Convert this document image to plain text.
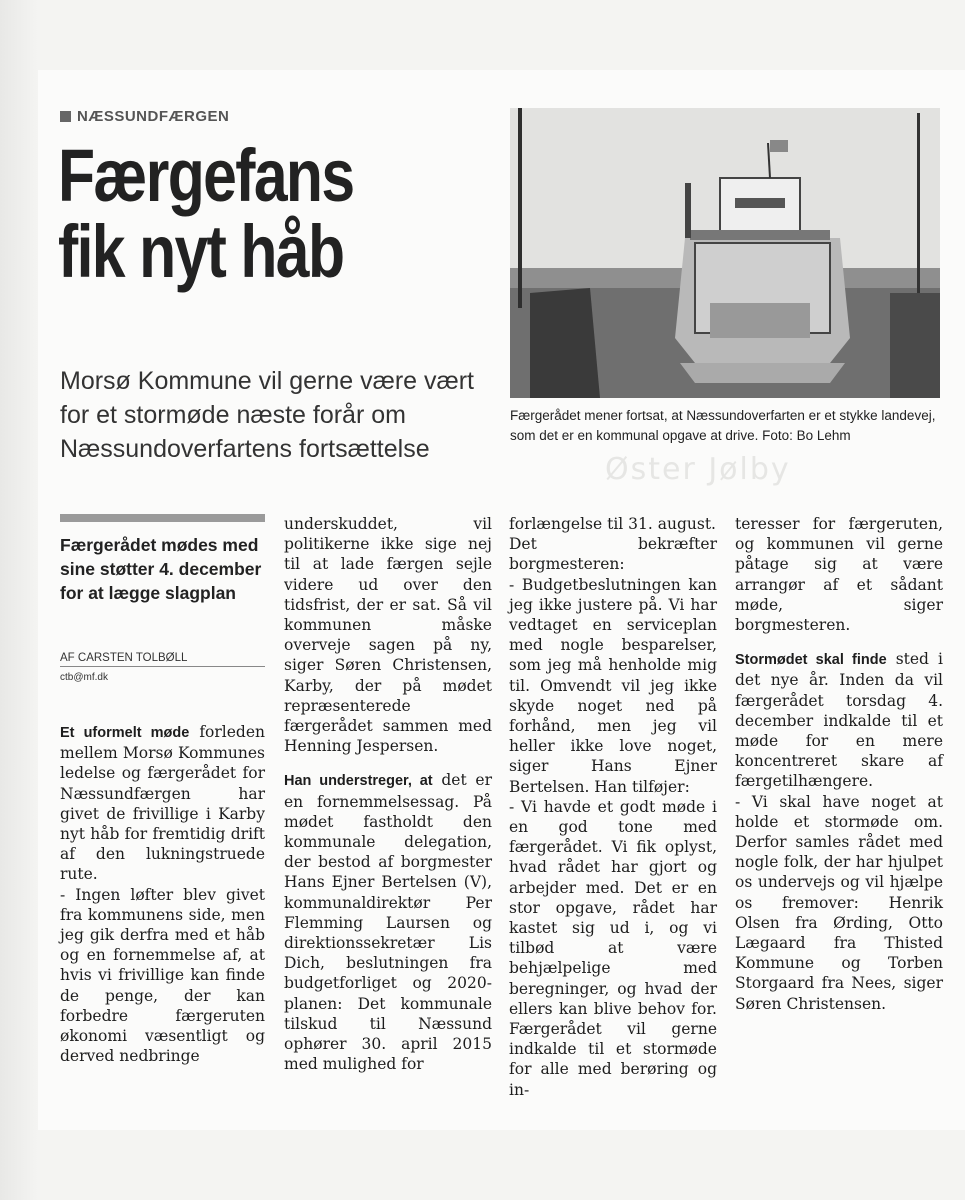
NÆSSUNDFÆRGEN
Færgefans fik nyt håb
Morsø Kommune vil gerne være vært for et stormøde næste forår om Næssundoverfartens fortsættelse
Færgerådet mener fortsat, at Næssundoverfarten er et stykke landevej, som det er en kommunal opgave at drive. Foto: Bo Lehm
Øster Jølby
Færgerådet mødes med sine støtter 4. december for at lægge slagplan
AF CARSTEN TOLBØLL
ctb@mf.dk

Et uformelt møde forleden mellem Morsø Kommunes ledelse og færgerådet for Næssundfærgen har givet de frivillige i Karby nyt håb for fremtidig drift af den lukningstruede rute.

- Ingen løfter blev givet fra kommunens side, men jeg gik derfra med et håb og en fornemmelse af, at hvis vi frivillige kan finde de penge, der kan forbedre færgeruten økonomi væsentligt og derved nedbringe

underskuddet, vil politikerne ikke sige nej til at lade færgen sejle videre ud over den tidsfrist, der er sat. Så vil kommunen måske overveje sagen på ny, siger Søren Christensen, Karby, der på mødet repræsenterede færgerådet sammen med Henning Jespersen.

Han understreger, at det er en fornemmelsessag. På mødet fastholdt den kommunale delegation, der bestod af borgmester Hans Ejner Bertelsen (V), kommunaldirektør Per Flemming Laursen og direktionssekretær Lis Dich, beslutningen fra budgetforliget og 2020-planen: Det kommunale tilskud til Næssund ophører 30. april 2015 med mulighed for

forlængelse til 31. august.

Det bekræfter borgmesteren:

- Budgetbeslutningen kan jeg ikke justere på. Vi har vedtaget en serviceplan med nogle besparelser, som jeg må henholde mig til. Omvendt vil jeg ikke skyde noget ned på forhånd, men jeg vil heller ikke love noget, siger Hans Ejner Bertelsen. Han tilføjer:

- Vi havde et godt møde i en god tone med færgerådet. Vi fik oplyst, hvad rådet har gjort og arbejder med. Det er en stor opgave, rådet har kastet sig ud i, og vi tilbød at være behjælpelige med beregninger, og hvad der ellers kan blive behov for. Færgerådet vil gerne indkalde til et stormøde for alle med berøring og in-

teresser for færgeruten, og kommunen vil gerne påtage sig at være arrangør af et sådant møde, siger borgmesteren.

Stormødet skal finde sted i det nye år. Inden da vil færgerådet torsdag 4. december indkalde til et møde for en mere koncentreret skare af færgetilhængere.

- Vi skal have noget at holde et stormøde om. Derfor samles rådet med nogle folk, der har hjulpet os undervejs og vil hjælpe os fremover: Henrik Olsen fra Ørding, Otto Lægaard fra Thisted Kommune og Torben Storgaard fra Nees, siger Søren Christensen.
